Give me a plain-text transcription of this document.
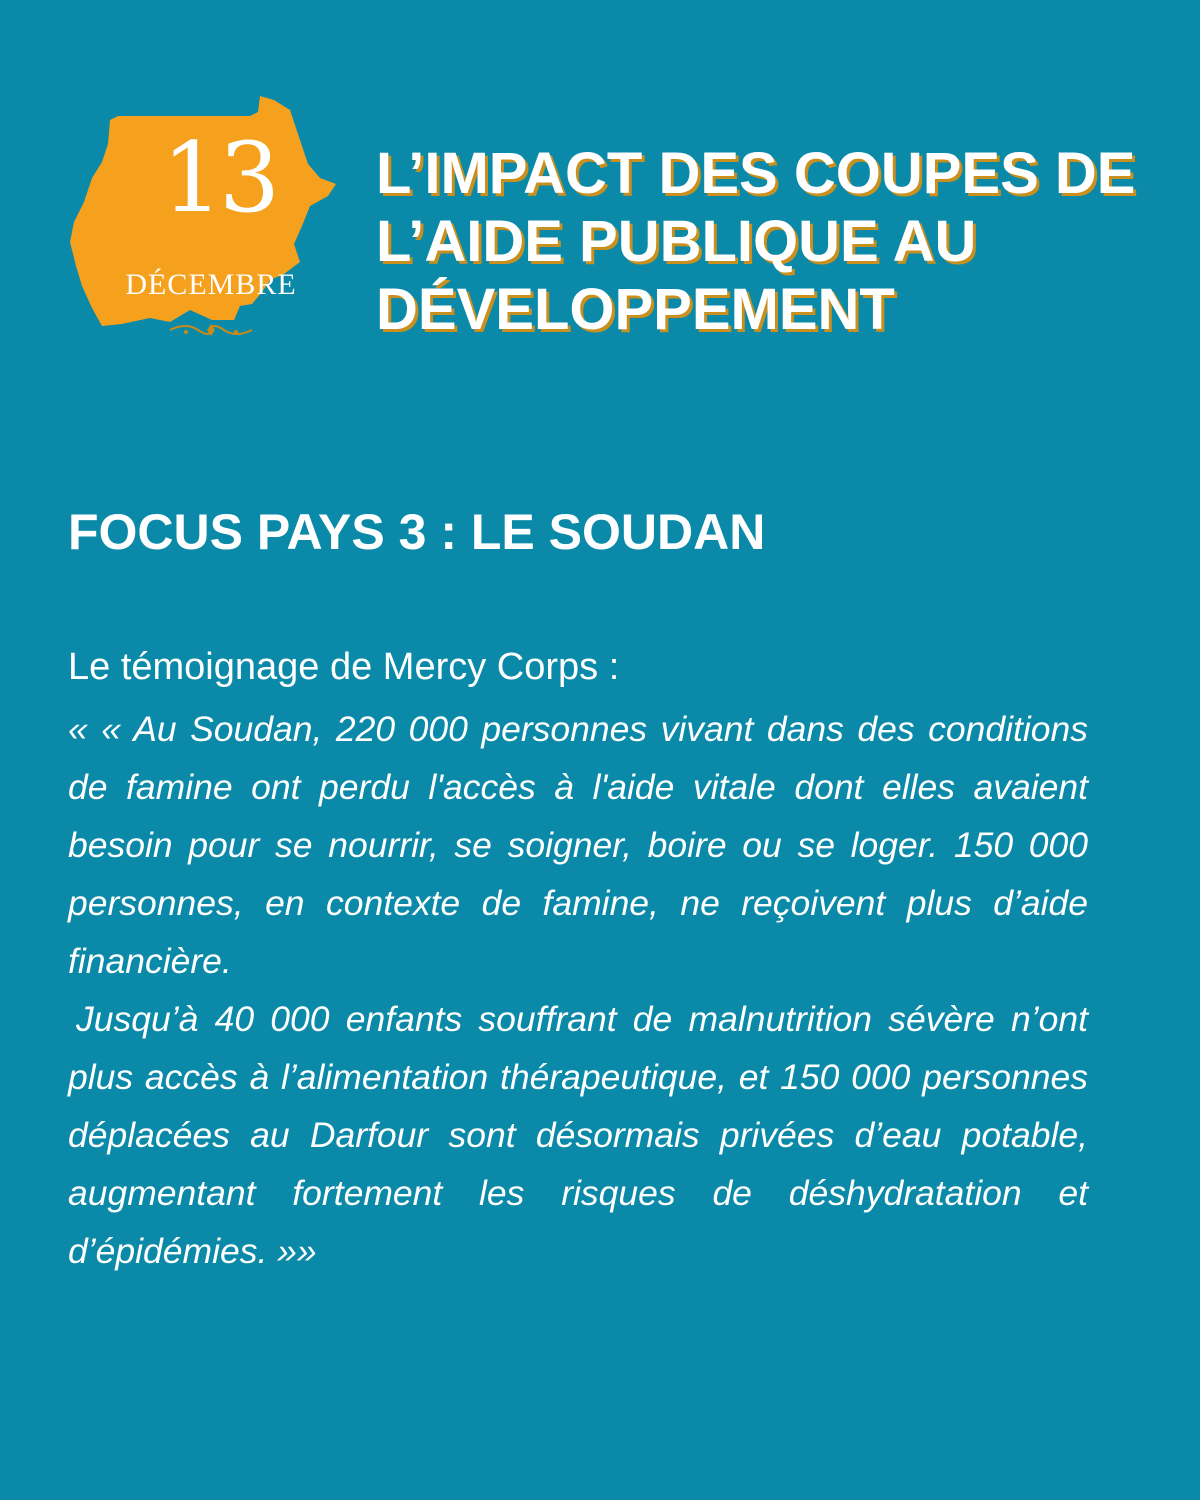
13
DÉCEMBRE
L’IMPACT DES COUPES DE
L’AIDE PUBLIQUE AU
DÉVELOPPEMENT
FOCUS PAYS 3 : LE SOUDAN

Le témoignage de Mercy Corps :

« « Au Soudan, 220 000 personnes vivant dans des conditions de famine ont perdu l'accès à l'aide vitale dont elles avaient besoin pour se nourrir, se soigner, boire ou se loger. 150 000 personnes, en contexte de famine, ne reçoivent plus d’aide financière.

Jusqu’à 40 000 enfants souffrant de malnutrition sévère n’ont plus accès à l’alimentation thérapeutique, et 150 000 personnes déplacées au Darfour sont désormais privées d’eau potable, augmentant fortement les risques de déshydratation et d’épidémies. »»
